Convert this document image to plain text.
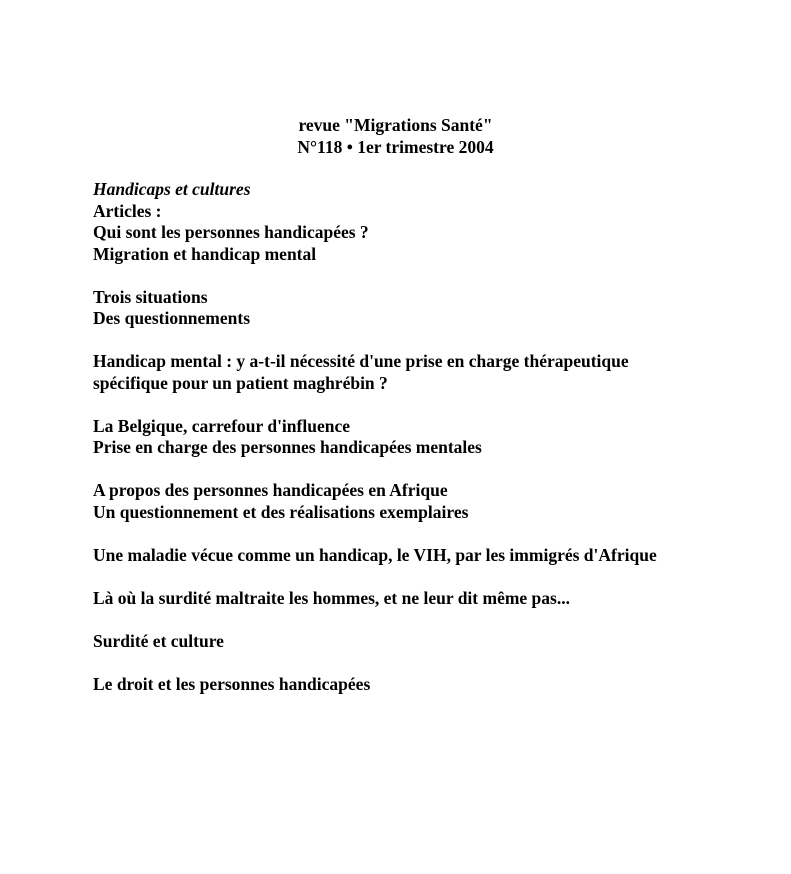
revue "Migrations Santé"
N°118 • 1er trimestre 2004
Handicaps et cultures
Articles :
Qui sont les personnes handicapées ?
Migration et handicap mental
Trois situations
Des questionnements
Handicap mental : y a-t-il nécessité d'une prise en charge thérapeutique
spécifique pour un patient maghrébin ?
La Belgique, carrefour d'influence
Prise en charge des personnes handicapées mentales
A propos des personnes handicapées en Afrique
Un questionnement et des réalisations exemplaires
Une maladie vécue comme un handicap, le VIH, par les immigrés d'Afrique
Là où la surdité maltraite les hommes, et ne leur dit même pas...
Surdité et culture
Le droit et les personnes handicapées
